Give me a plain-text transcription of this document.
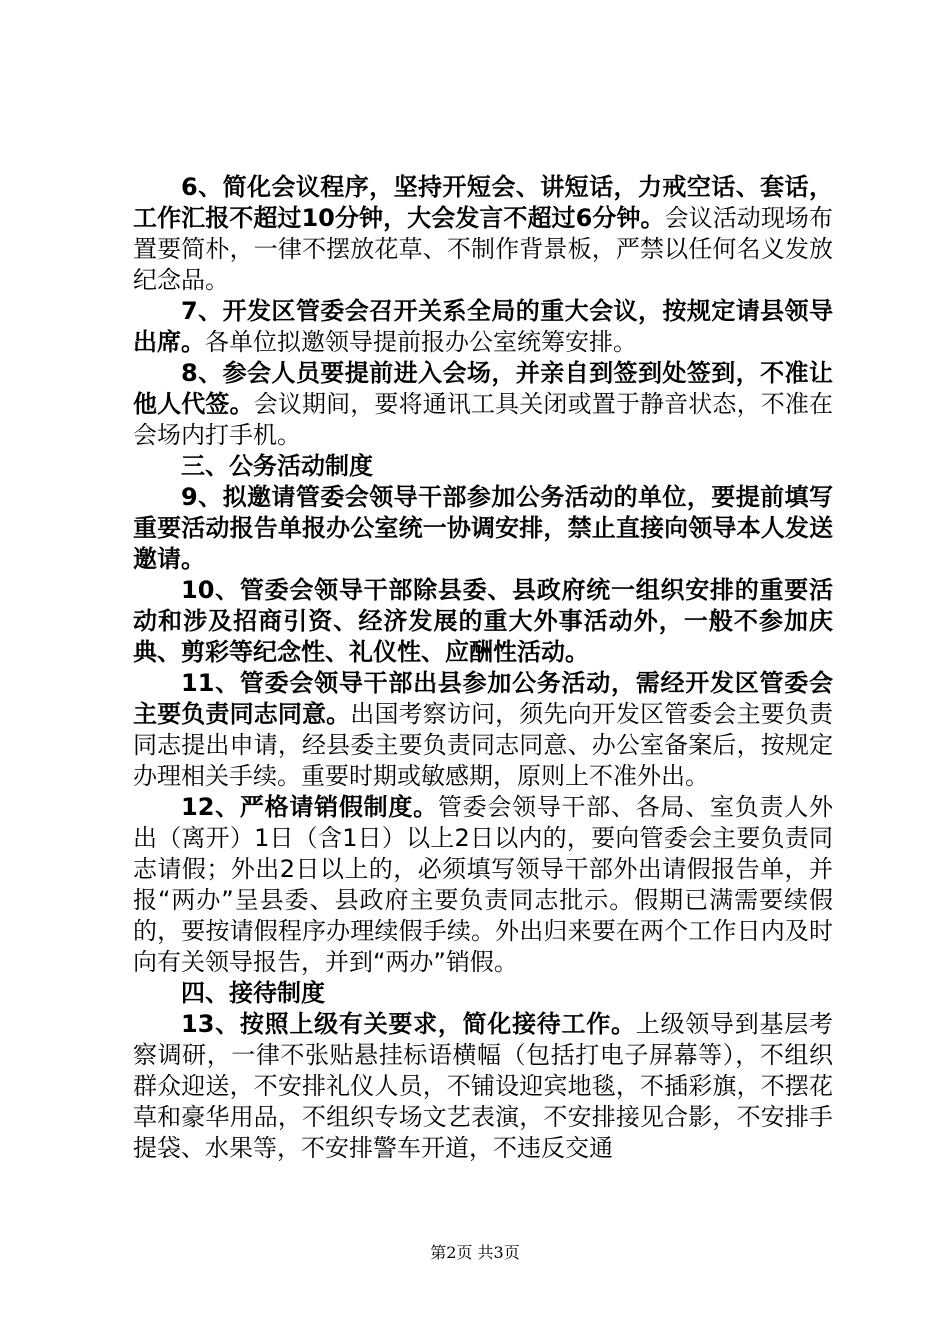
6、简化会议程序，坚持开短会、讲短话，力戒空话、套话，工作汇报不超过10分钟，大会发言不超过6分钟。会议活动现场布置要简朴，一律不摆放花草、不制作背景板，严禁以任何名义发放纪念品。

7、开发区管委会召开关系全局的重大会议，按规定请县领导出席。各单位拟邀领导提前报办公室统筹安排。

8、参会人员要提前进入会场，并亲自到签到处签到，不准让他人代签。会议期间，要将通讯工具关闭或置于静音状态，不准在会场内打手机。

三、公务活动制度

9、拟邀请管委会领导干部参加公务活动的单位，要提前填写重要活动报告单报办公室统一协调安排，禁止直接向领导本人发送邀请。

10、管委会领导干部除县委、县政府统一组织安排的重要活动和涉及招商引资、经济发展的重大外事活动外，一般不参加庆典、剪彩等纪念性、礼仪性、应酬性活动。

11、管委会领导干部出县参加公务活动，需经开发区管委会主要负责同志同意。出国考察访问，须先向开发区管委会主要负责同志提出申请，经县委主要负责同志同意、办公室备案后，按规定办理相关手续。重要时期或敏感期，原则上不准外出。

12、严格请销假制度。管委会领导干部、各局、室负责人外出（离开）1日（含1日）以上2日以内的，要向管委会主要负责同志请假；外出2日以上的，必须填写领导干部外出请假报告单，并报“两办”呈县委、县政府主要负责同志批示。假期已满需要续假的，要按请假程序办理续假手续。外出归来要在两个工作日内及时向有关领导报告，并到“两办”销假。

四、接待制度

13、按照上级有关要求，简化接待工作。上级领导到基层考察调研，一律不张贴悬挂标语横幅（包括打电子屏幕等），不组织群众迎送，不安排礼仪人员，不铺设迎宾地毯，不插彩旗，不摆花草和豪华用品，不组织专场文艺表演，不安排接见合影，不安排手提袋、水果等，不安排警车开道，不违反交通

第2页 共3页
